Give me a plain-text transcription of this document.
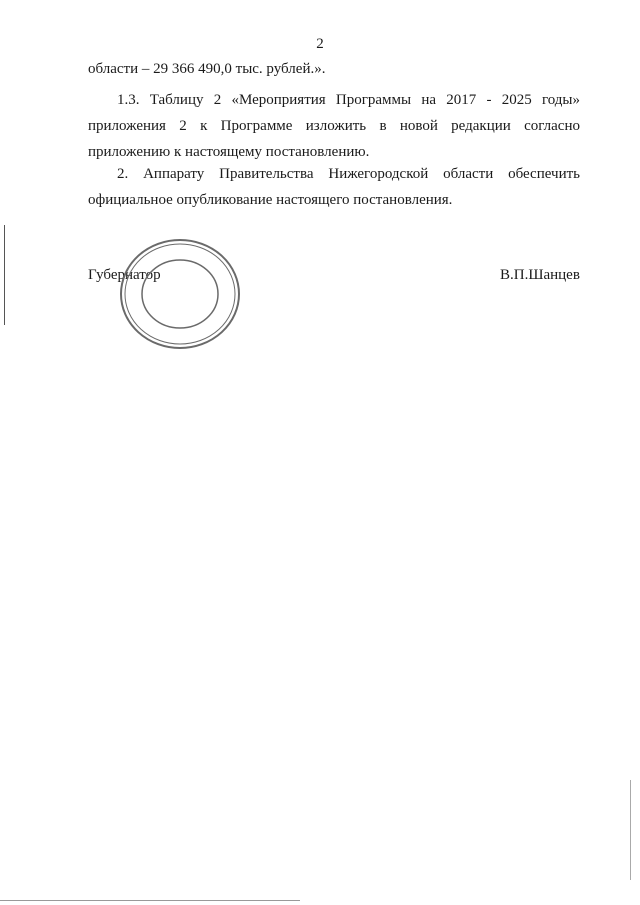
2
области – 29 366 490,0 тыс. рублей.».
1.3. Таблицу 2 «Мероприятия Программы на 2017 - 2025 годы»
приложения 2 к Программе изложить в новой редакции согласно
приложению к настоящему постановлению.
2. Аппарату Правительства Нижегородской области обеспечить
официальное опубликование настоящего постановления.
Губернатор	В.П.Шанцев
